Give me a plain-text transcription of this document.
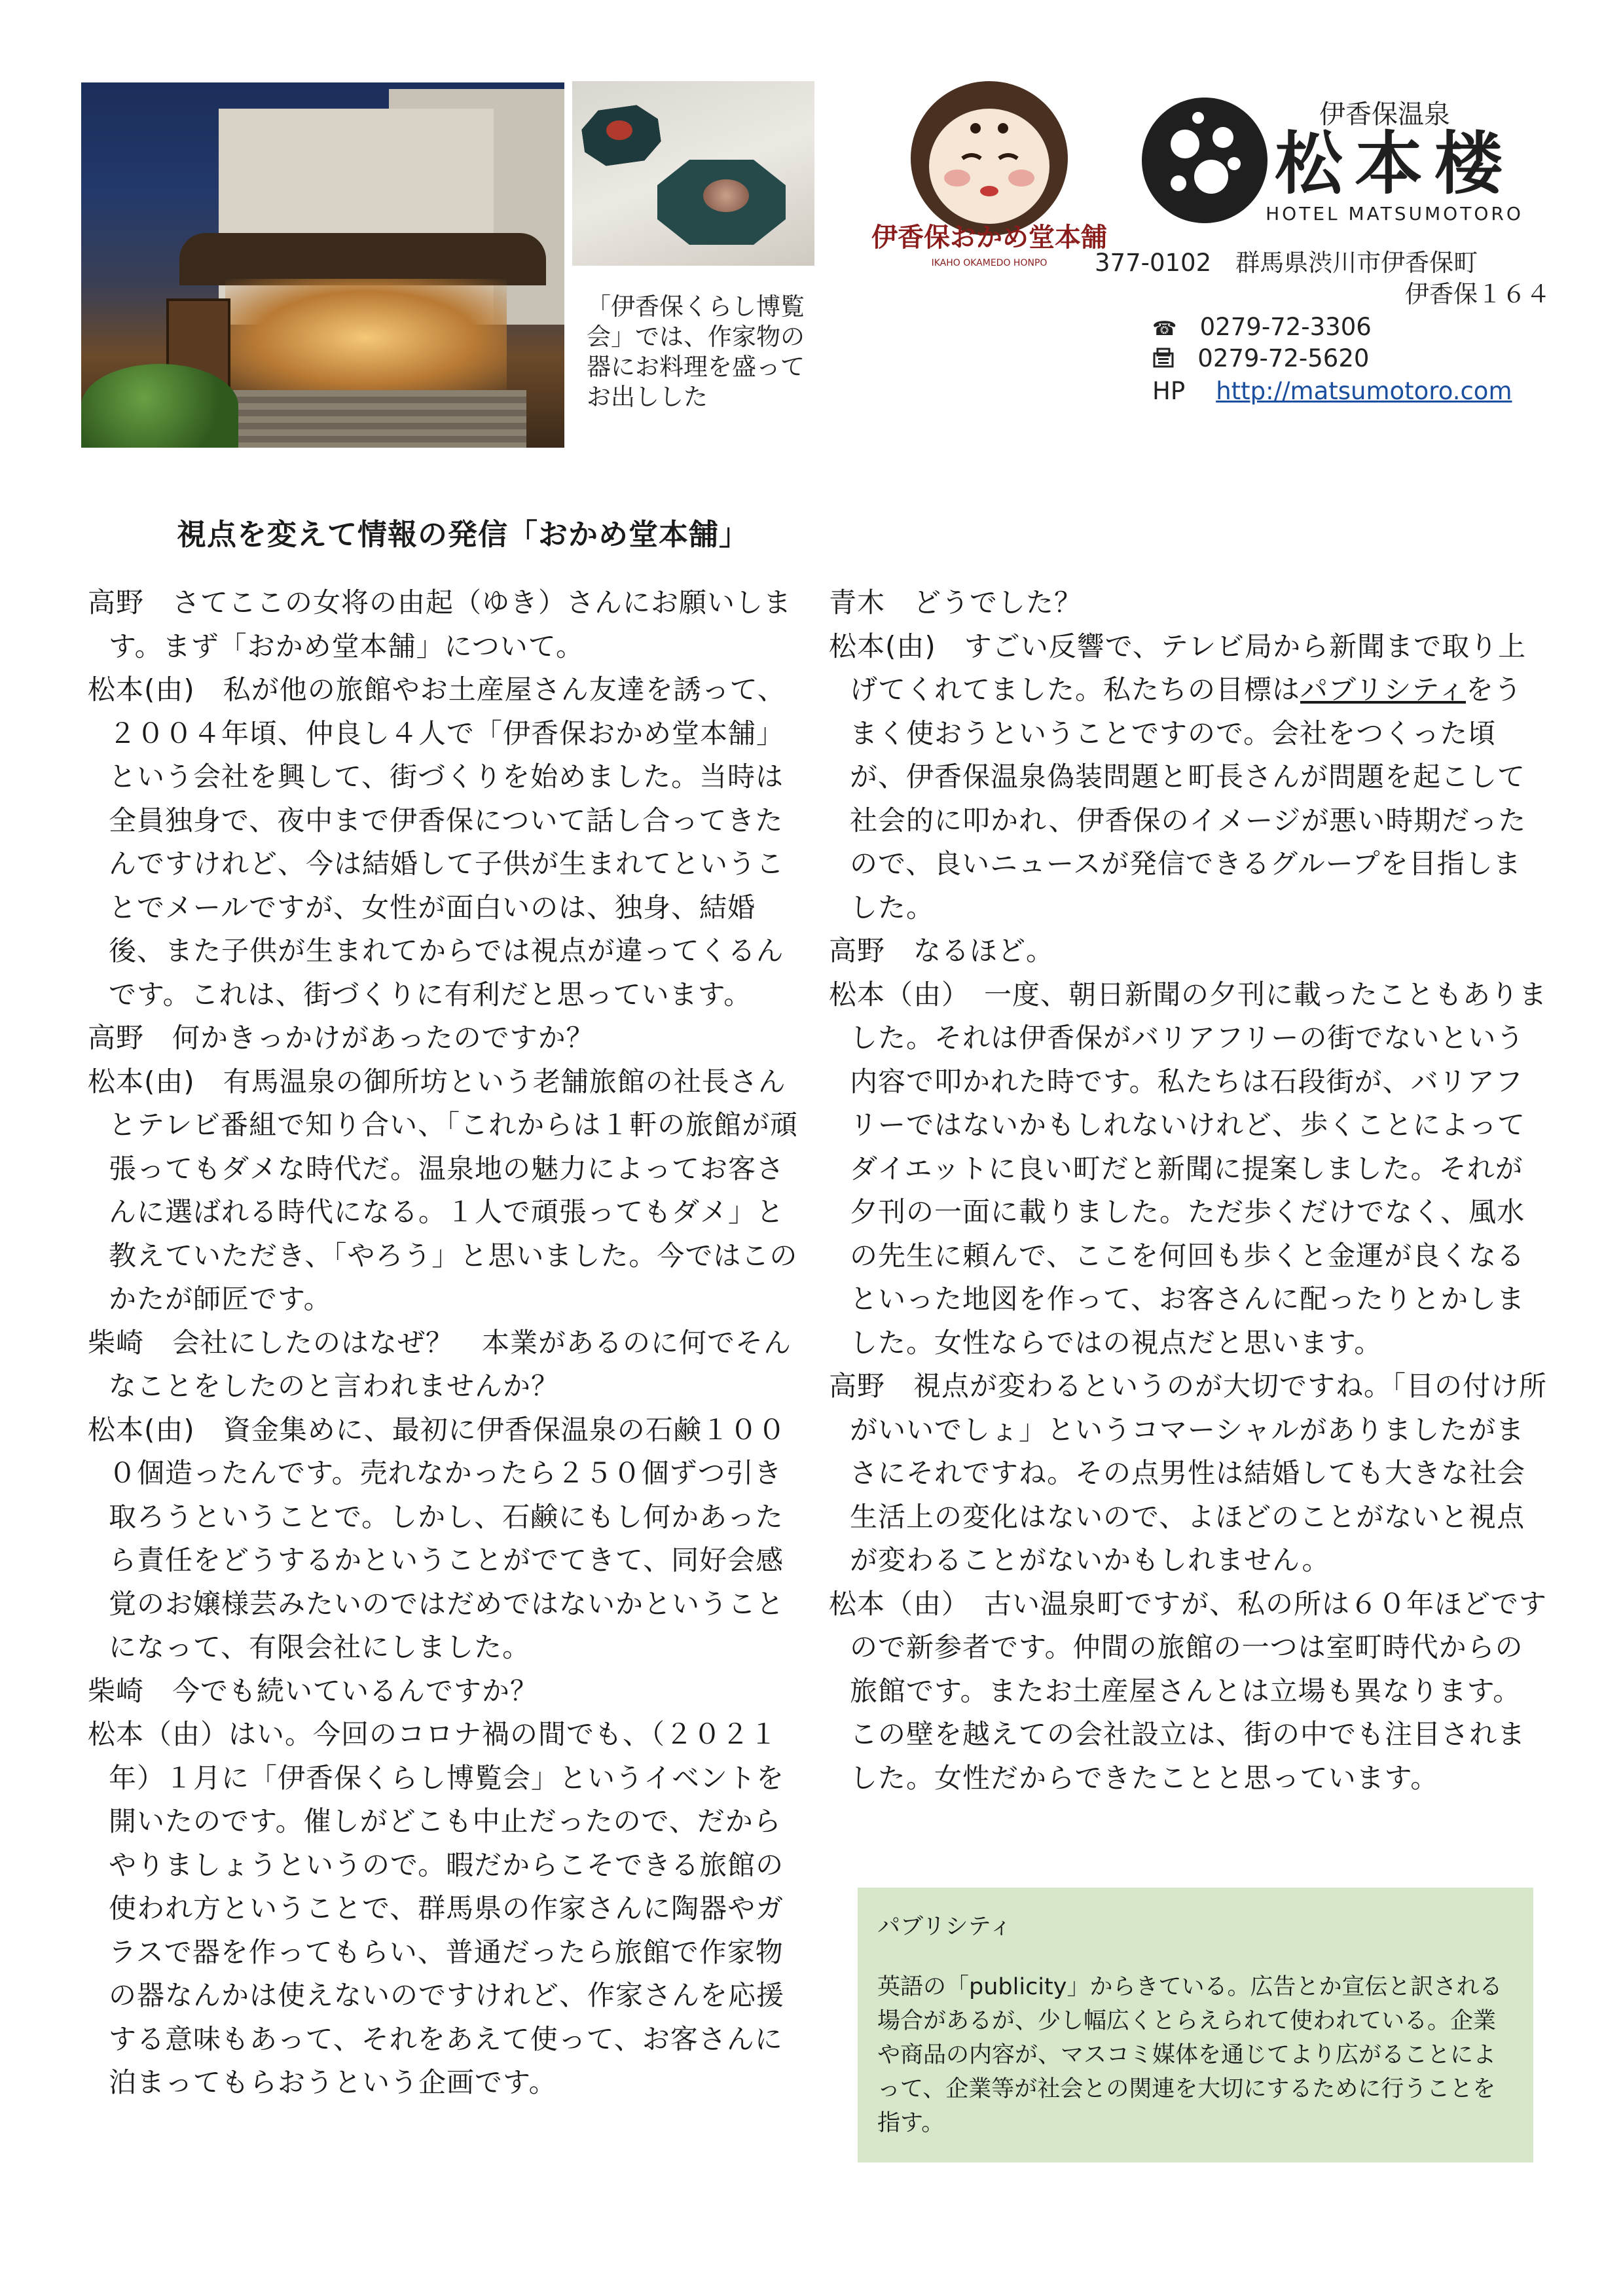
伊香保おかめ堂本舗
IKAHO OKAMEDO HONPO
伊香保温泉
松本楼
HOTEL MATSUMOTORO
「伊香保くらし博覧会」では、作家物の器にお料理を盛ってお出しした
377-0102　群馬県渋川市伊香保町
伊香保１６４
☎ 0279-72-3306
0279-72-5620
HP http://matsumotoro.com
視点を変えて情報の発信「おかめ堂本舗」

高野　さてここの女将の由起（ゆき）さんにお願いします。まず「おかめ堂本舗」について。

松本(由)　私が他の旅館やお土産屋さん友達を誘って、２００４年頃、仲良し４人で「伊香保おかめ堂本舗」という会社を興して、街づくりを始めました。当時は全員独身で、夜中まで伊香保について話し合ってきたんですけれど、今は結婚して子供が生まれてということでメールですが、女性が面白いのは、独身、結婚後、また子供が生まれてからでは視点が違ってくるんです。これは、街づくりに有利だと思っています。

高野　何かきっかけがあったのですか？

松本(由)　有馬温泉の御所坊という老舗旅館の社長さんとテレビ番組で知り合い、「これからは１軒の旅館が頑張ってもダメな時代だ。温泉地の魅力によってお客さんに選ばれる時代になる。１人で頑張ってもダメ」と教えていただき、「やろう」と思いました。今ではこのかたが師匠です。

柴崎　会社にしたのはなぜ？　本業があるのに何でそんなことをしたのと言われませんか？

松本(由)　資金集めに、最初に伊香保温泉の石鹸１０００個造ったんです。売れなかったら２５０個ずつ引き取ろうということで。しかし、石鹸にもし何かあったら責任をどうするかということがでてきて、同好会感覚のお嬢様芸みたいのではだめではないかということになって、有限会社にしました。

柴崎　今でも続いているんですか？

松本（由）はい。今回のコロナ禍の間でも、（２０２１年）１月に「伊香保くらし博覧会」というイベントを開いたのです。催しがどこも中止だったので、だからやりましょうというので。暇だからこそできる旅館の使われ方ということで、群馬県の作家さんに陶器やガラスで器を作ってもらい、普通だったら旅館で作家物の器なんかは使えないのですけれど、作家さんを応援する意味もあって、それをあえて使って、お客さんに泊まってもらおうという企画です。

青木　どうでした？

松本(由)　すごい反響で、テレビ局から新聞まで取り上げてくれてました。私たちの目標はパブリシティをうまく使おうということですので。会社をつくった頃が、伊香保温泉偽装問題と町長さんが問題を起こして社会的に叩かれ、伊香保のイメージが悪い時期だったので、良いニュースが発信できるグループを目指しました。

高野　なるほど。

松本（由）　一度、朝日新聞の夕刊に載ったこともありました。それは伊香保がバリアフリーの街でないという内容で叩かれた時です。私たちは石段街が、バリアフリーではないかもしれないけれど、歩くことによってダイエットに良い町だと新聞に提案しました。それが夕刊の一面に載りました。ただ歩くだけでなく、風水の先生に頼んで、ここを何回も歩くと金運が良くなるといった地図を作って、お客さんに配ったりとかしました。女性ならではの視点だと思います。

高野　視点が変わるというのが大切ですね。「目の付け所がいいでしょ」というコマーシャルがありましたがまさにそれですね。その点男性は結婚しても大きな社会生活上の変化はないので、よほどのことがないと視点が変わることがないかもしれません。

松本（由）　古い温泉町ですが、私の所は６０年ほどですので新参者です。仲間の旅館の一つは室町時代からの旅館です。またお土産屋さんとは立場も異なります。この壁を越えての会社設立は、街の中でも注目されました。女性だからできたことと思っています。

パブリシティ
英語の「publicity」からきている。広告とか宣伝と訳される場合があるが、少し幅広くとらえられて使われている。企業や商品の内容が、マスコミ媒体を通じてより広がることによって、企業等が社会との関連を大切にするために行うことを指す。
